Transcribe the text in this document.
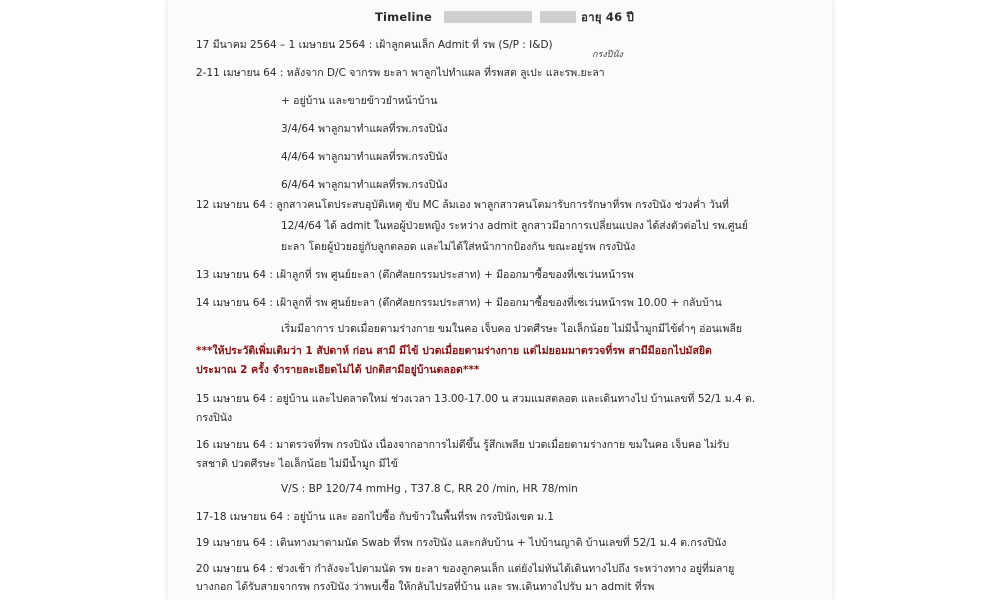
Timeline	อายุ 46 ปี
กรงปินัง
17 มีนาคม 2564 – 1 เมษายน 2564 : เฝ้าลูกคนเล็ก Admit ที่ รพ (S/P : I&D)
2-11 เมษายน 64 : หลังจาก D/C จากรพ ยะลา พาลูกไปทำแผล ที่รพสต ลูเปะ และรพ.ยะลา
+ อยู่บ้าน และขายข้าวยำหน้าบ้าน
3/4/64 พาลูกมาทำแผลที่รพ.กรงปินัง
4/4/64 พาลูกมาทำแผลที่รพ.กรงปินัง
6/4/64 พาลูกมาทำแผลที่รพ.กรงปินัง
12 เมษายน 64 : ลูกสาวคนโตประสบอุบัติเหตุ ขับ MC ล้มเอง พาลูกสาวคนโตมารับการรักษาที่รพ กรงปินัง ช่วงค่ำ วันที่
12/4/64 ได้ admit ในหอผู้ป่วยหญิง ระหว่าง admit ลูกสาวมีอาการเปลี่ยนแปลง ได้ส่งตัวต่อไป รพ.ศูนย์
ยะลา โดยผู้ป่วยอยู่กับลูกตลอด และไม่ได้ใส่หน้ากากป้องกัน ขณะอยู่รพ กรงปินัง
13 เมษายน 64 : เฝ้าลูกที่ รพ ศูนย์ยะลา (ตึกศัลยกรรมประสาท) + มีออกมาซื้อของที่เซเว่นหน้ารพ
14 เมษายน 64 : เฝ้าลูกที่ รพ ศูนย์ยะลา (ตึกศัลยกรรมประสาท) + มีออกมาซื้อของที่เซเว่นหน้ารพ 10.00 + กลับบ้าน
เริ่มมีอาการ ปวดเมื่อยตามร่างกาย ขมในคอ เจ็บคอ ปวดศีรษะ ไอเล็กน้อย ไม่มีน้ำมูกมีไข้ต่ำๆ อ่อนเพลีย
***ให้ประวัติเพิ่มเติมว่า 1 สัปดาห์ ก่อน สามี มีไข้ ปวดเมื่อยตามร่างกาย แต่ไม่ยอมมาตรวจที่รพ สามีมีออกไปมัสยิด
ประมาณ 2 ครั้ง จำรายละเอียดไม่ได้ ปกติสามีอยู่บ้านตลอด***
15 เมษายน 64 : อยู่บ้าน และไปตลาดใหม่ ช่วงเวลา 13.00-17.00 น สวมแมสตลอด และเดินทางไป บ้านเลขที่ 52/1 ม.4 ต.
กรงปินัง
16 เมษายน 64 : มาตรวจที่รพ กรงปินัง เนื่องจากอาการไม่ดีขึ้น รู้สึกเพลีย ปวดเมื่อยตามร่างกาย ขมในคอ เจ็บคอ ไม่รับ
รสชาติ ปวดศีรษะ ไอเล็กน้อย ไม่มีน้ำมูก มีไข้
V/S : BP 120/74 mmHg , T37.8 C, RR 20 /min, HR 78/min
17-18 เมษายน 64 : อยู่บ้าน และ ออกไปซื้อ กับข้าวในพื้นที่รพ กรงปินังเขต ม.1
19 เมษายน 64 : เดินทางมาตามนัด Swab ที่รพ กรงปินัง และกลับบ้าน + ไปบ้านญาติ บ้านเลขที่ 52/1 ม.4 ต.กรงปินัง
20 เมษายน 64 : ช่วงเช้า กำลังจะไปตามนัด รพ ยะลา ของลูกคนเล็ก แต่ยังไม่ทันได้เดินทางไปถึง ระหว่างทาง อยู่ที่มลายู
บางกอก ได้รับสายจากรพ กรงปินัง ว่าพบเชื้อ ให้กลับไปรอที่บ้าน และ รพ.เดินทางไปรับ มา admit ที่รพ
